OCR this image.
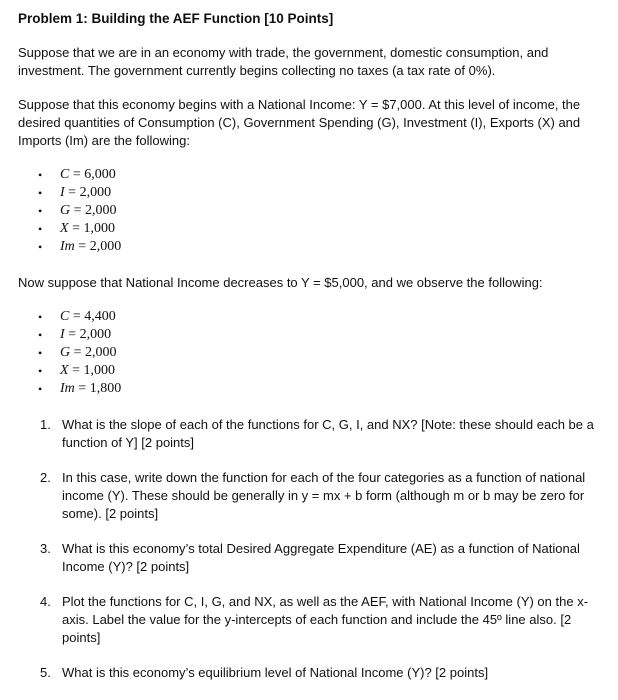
Problem 1: Building the AEF Function [10 Points]
Suppose that we are in an economy with trade, the government, domestic consumption, and investment. The government currently begins collecting no taxes (a tax rate of 0%).
Suppose that this economy begins with a National Income: Y = $7,000. At this level of income, the desired quantities of Consumption (C), Government Spending (G), Investment (I), Exports (X) and Imports (Im) are the following:
• C = 6,000
• I = 2,000
• G = 2,000
• X = 1,000
• Im = 2,000
Now suppose that National Income decreases to Y = $5,000, and we observe the following:
• C = 4,400
• I = 2,000
• G = 2,000
• X = 1,000
• Im = 1,800
1. What is the slope of each of the functions for C, G, I, and NX? [Note: these should each be a function of Y] [2 points]
2. In this case, write down the function for each of the four categories as a function of national income (Y). These should be generally in y = mx + b form (although m or b may be zero for some). [2 points]
3. What is this economy’s total Desired Aggregate Expenditure (AE) as a function of National Income (Y)? [2 points]
4. Plot the functions for C, I, G, and NX, as well as the AEF, with National Income (Y) on the x-axis. Label the value for the y-intercepts of each function and include the 45º line also. [2 points]
5. What is this economy’s equilibrium level of National Income (Y)? [2 points]
